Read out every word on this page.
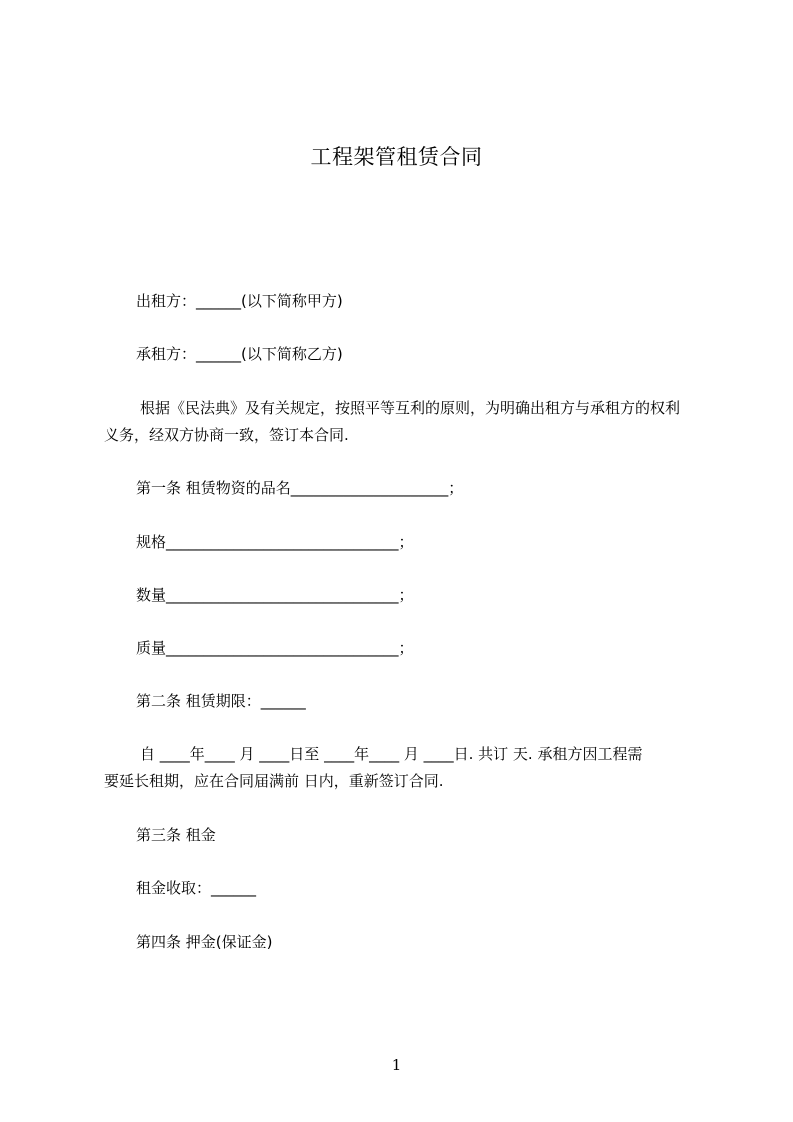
工程架管租赁合同
出租方：______(以下简称甲方)
承租方：______(以下简称乙方)
根据《民法典》及有关规定，按照平等互利的原则，为明确出租方与承租方的权利
义务，经双方协商一致，签订本合同.
第一条 租赁物资的品名_____________________；
规格_______________________________；
数量_______________________________；
质量_______________________________；
第二条 租赁期限：______
自 ____年____ 月 ____日至 ____年____ 月 ____日. 共订 天. 承租方因工程需
要延长租期，应在合同届满前 日内，重新签订合同.
第三条 租金
租金收取：______
第四条 押金(保证金)
1
